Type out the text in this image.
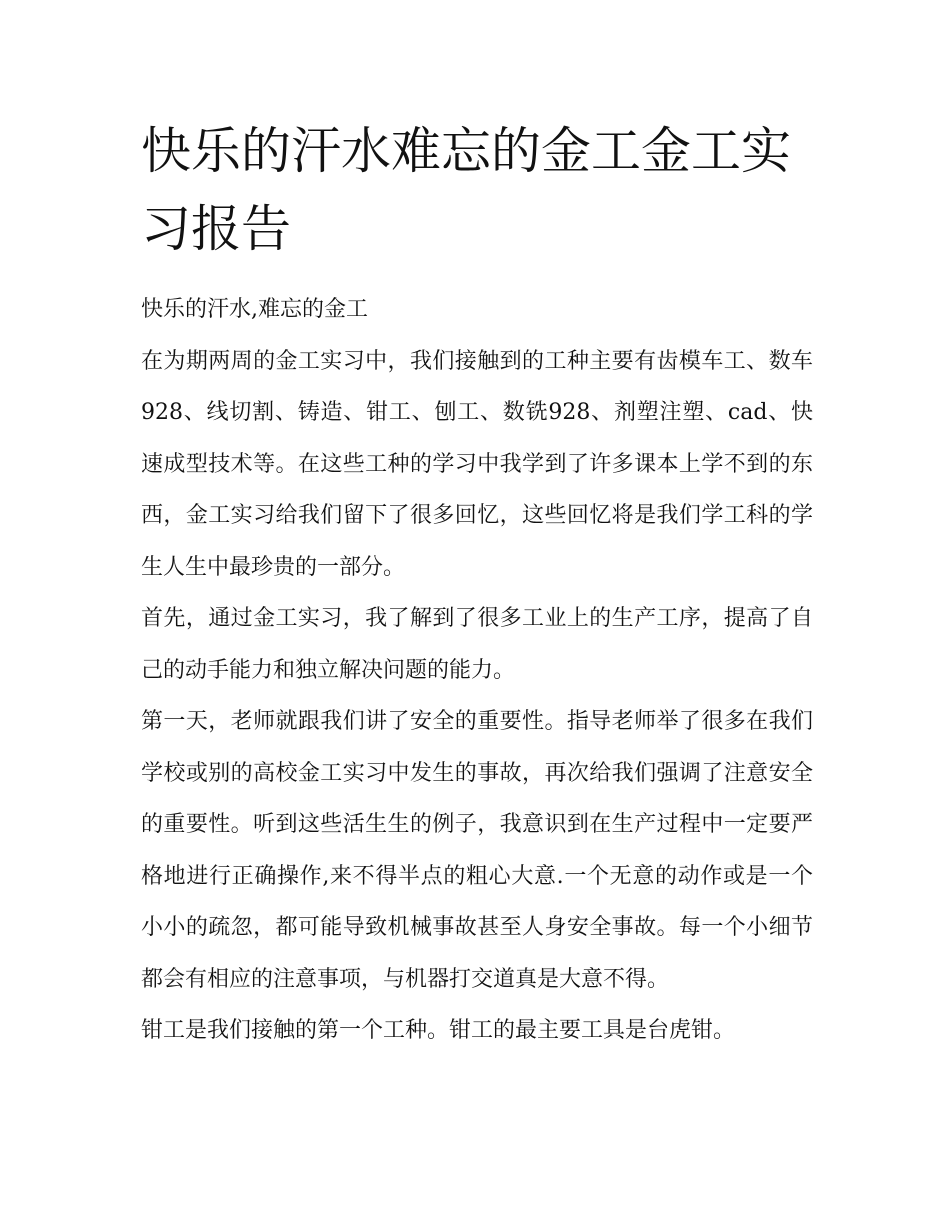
快乐的汗水难忘的金工金工实习报告

快乐的汗水,难忘的金工

在为期两周的金工实习中，我们接触到的工种主要有齿模车工、数车928、线切割、铸造、钳工、刨工、数铣928、剂塑注塑、cad、快速成型技术等。在这些工种的学习中我学到了许多课本上学不到的东西，金工实习给我们留下了很多回忆，这些回忆将是我们学工科的学生人生中最珍贵的一部分。

首先，通过金工实习，我了解到了很多工业上的生产工序，提高了自己的动手能力和独立解决问题的能力。

第一天，老师就跟我们讲了安全的重要性。指导老师举了很多在我们学校或别的高校金工实习中发生的事故，再次给我们强调了注意安全的重要性。听到这些活生生的例子，我意识到在生产过程中一定要严格地进行正确操作,来不得半点的粗心大意.一个无意的动作或是一个小小的疏忽，都可能导致机械事故甚至人身安全事故。每一个小细节都会有相应的注意事项，与机器打交道真是大意不得。

钳工是我们接触的第一个工种。钳工的最主要工具是台虎钳。
